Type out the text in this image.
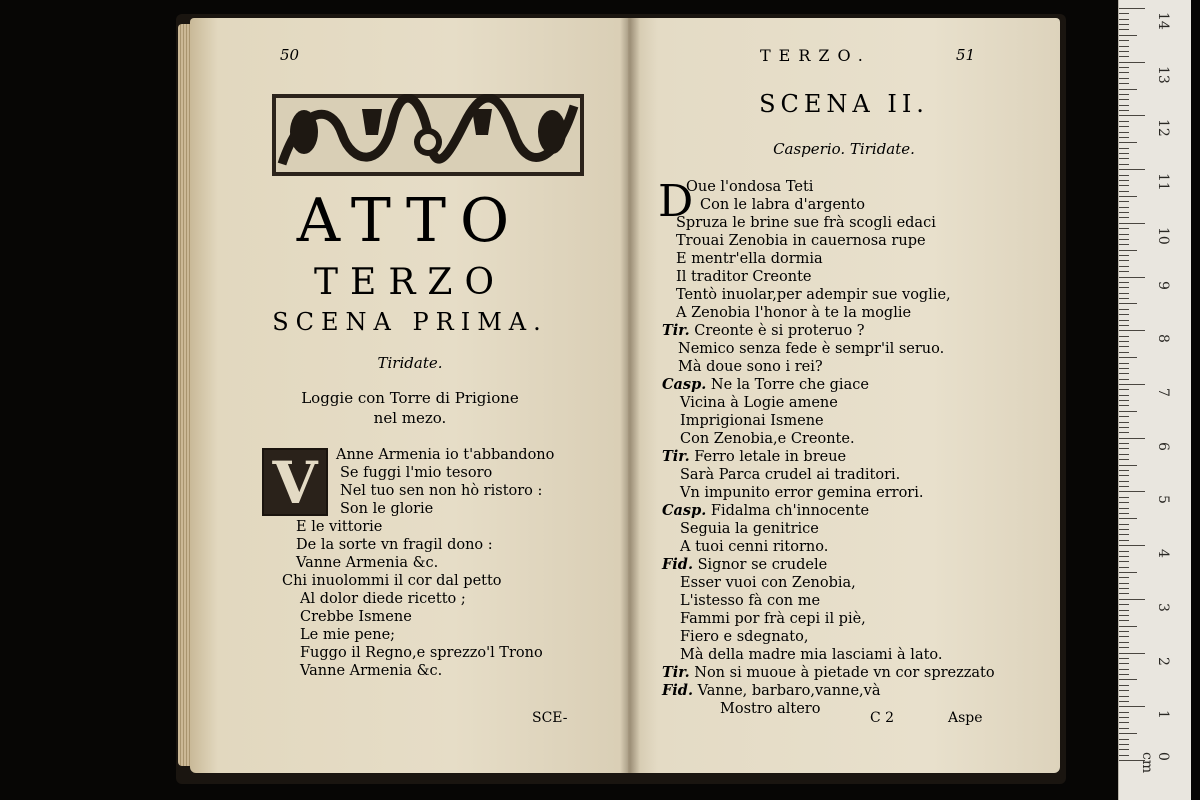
50
ATTO
TERZO
SCENA PRIMA.
Tiridate.
Loggie con Torre di Prigione
nel mezo.
V	Anne Armenia io t'abbandono
Se fuggi l'mio tesoro
Nel tuo sen non hò ristoro :
Son le glorie
E le vittorie
De la sorte vn fragil dono :
Vanne Armenia &c.
Chi inuolommi il cor dal petto
Al dolor diede ricetto ;
Crebbe Ismene
Le mie pene;
Fuggo il Regno,e sprezzo'l Trono
Vanne Armenia &c.
SCE-
TERZO.	51
SCENA II.
Casperio. Tiridate.
D
Oue l'ondosa Teti
Con le labra d'argento
Spruza le brine sue frà scogli edaci
Trouai Zenobia in cauernosa rupe
E mentr'ella dormia
Il traditor Creonte
Tentò inuolar,per adempir sue voglie,
A Zenobia l'honor à te la moglie
Tir. Creonte è si proteruo ?
Nemico senza fede è sempr'il seruo.
Mà doue sono i rei?
Casp. Ne la Torre che giace
Vicina à Logie amene
Imprigionai Ismene
Con Zenobia,e Creonte.
Tir. Ferro letale in breue
Sarà Parca crudel ai traditori.
Vn impunito error gemina errori.
Casp. Fidalma ch'innocente
Seguia la genitrice
A tuoi cenni ritorno.
Fid. Signor se crudele
Esser vuoi con Zenobia,
L'istesso fà con me
Fammi por frà cepi il piè,
Fiero e sdegnato,
Mà della madre mia lasciami à lato.
Tir. Non si muoue à pietade vn cor sprezzato
Fid. Vanne, barbaro,vanne,và
Mostro altero
C 2	Aspe
14
13
12
11
10
9
8
7
6
5
4
3
2
1
0 cm
